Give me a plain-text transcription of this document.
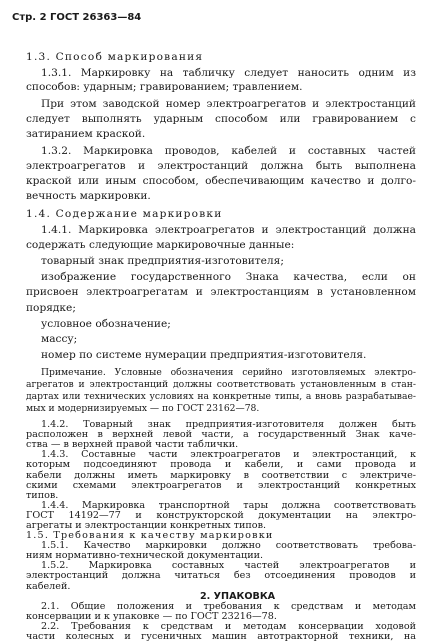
Стр. 2 ГОСТ 26363—84

1.3. Способ маркирования

1.3.1. Маркировку на табличку следует наносить одним из

способов: ударным; гравированием; травлением.

При этом заводской номер электроагрегатов и электростанций

следует выполнять ударным способом или гравированием с

затиранием краской.

1.3.2. Маркировка проводов, кабелей и составных частей

электроагрегатов и электростанций должна быть выполнена

краской или иным способом, обеспечивающим качество и долго-

вечность маркировки.

1.4. Содержание маркировки

1.4.1. Маркировка электроагрегатов и электростанций должна

содержать следующие маркировочные данные:

товарный знак предприятия-изготовителя;

изображение государственного Знака качества, если он

присвоен электроагрегатам и электростанциям в установленном

порядке;

условное обозначение;

массу;

номер по системе нумерации предприятия-изготовителя.

Примечание. Условные обозначения серийно изготовляемых электро-

агрегатов и электростанций должны соответствовать установленным в стан-

дартах или технических условиях на конкретные типы, а вновь разрабатывае-

мых и модернизируемых — по ГОСТ 23162—78.

1.4.2. Товарный знак предприятия-изготовителя должен быть

расположен в верхней левой части, а государственный Знак каче-

ства — в верхней правой части таблички.

1.4.3. Составные части электроагрегатов и электростанций, к

которым подсоединяют провода и кабели, и сами провода и

кабели должны иметь маркировку в соответствии с электриче-

скими схемами электроагрегатов и электростанций конкретных

типов.

1.4.4. Маркировка транспортной тары должна соответствовать

ГОСТ 14192—77 и конструкторской документации на электро-

агрегаты и электростанции конкретных типов.

1.5. Требования к качеству маркировки

1.5.1. Качество маркировки должно соответствовать требова-

ниям нормативно-технической документации.

1.5.2. Маркировка составных частей электроагрегатов и

электростанций должна читаться без отсоединения проводов и

кабелей.

2. УПАКОВКА

2.1. Общие положения и требования к средствам и методам

консервации и к упаковке — по ГОСТ 23216—78.

2.2. Требования к средствам и методам консервации ходовой

части колесных и гусеничных машин автотракторной техники, на
